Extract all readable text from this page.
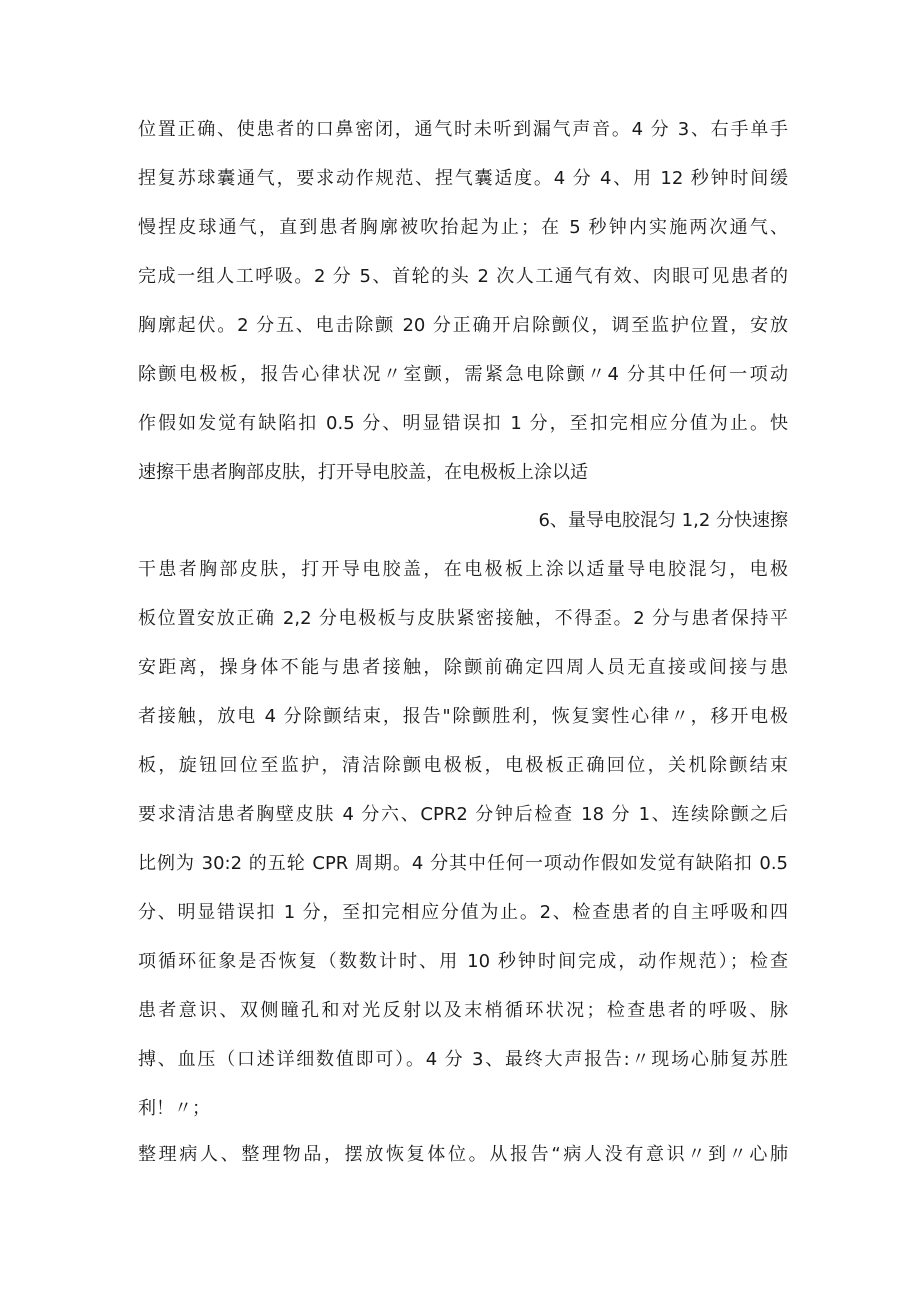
位置正确、使患者的口鼻密闭，通气时未听到漏气声音。4 分 3、右手单手
捏复苏球囊通气，要求动作规范、捏气囊适度。4 分 4、用 12 秒钟时间缓
慢捏皮球通气，直到患者胸廓被吹抬起为止；在 5 秒钟内实施两次通气、
完成一组人工呼吸。2 分 5、首轮的头 2 次人工通气有效、肉眼可见患者的
胸廓起伏。2 分五、电击除颤 20 分正确开启除颤仪，调至监护位置，安放
除颤电极板，报告心律状况〃室颤，需紧急电除颤〃4 分其中任何一项动
作假如发觉有缺陷扣 0.5 分、明显错误扣 1 分，至扣完相应分值为止。快
速擦干患者胸部皮肤，打开导电胶盖，在电极板上涂以适
6、量导电胶混匀 1,2 分快速擦
干患者胸部皮肤，打开导电胶盖，在电极板上涂以适量导电胶混匀，电极
板位置安放正确 2,2 分电极板与皮肤紧密接触，不得歪。2 分与患者保持平
安距离，操身体不能与患者接触，除颤前确定四周人员无直接或间接与患
者接触，放电 4 分除颤结束，报告"除颤胜利，恢复窦性心律〃，移开电极
板，旋钮回位至监护，清洁除颤电极板，电极板正确回位，关机除颤结束
要求清洁患者胸壁皮肤 4 分六、CPR2 分钟后检查 18 分 1、连续除颤之后
比例为 30:2 的五轮 CPR 周期。4 分其中任何一项动作假如发觉有缺陷扣 0.5
分、明显错误扣 1 分，至扣完相应分值为止。2、检查患者的自主呼吸和四
项循环征象是否恢复（数数计时、用 10 秒钟时间完成，动作规范）；检查
患者意识、双侧瞳孔和对光反射以及末梢循环状况；检查患者的呼吸、脉
搏、血压（口述详细数值即可）。4 分 3、最终大声报告:〃现场心肺复苏胜
利！〃；
整理病人、整理物品，摆放恢复体位。从报告“病人没有意识〃到〃心肺
